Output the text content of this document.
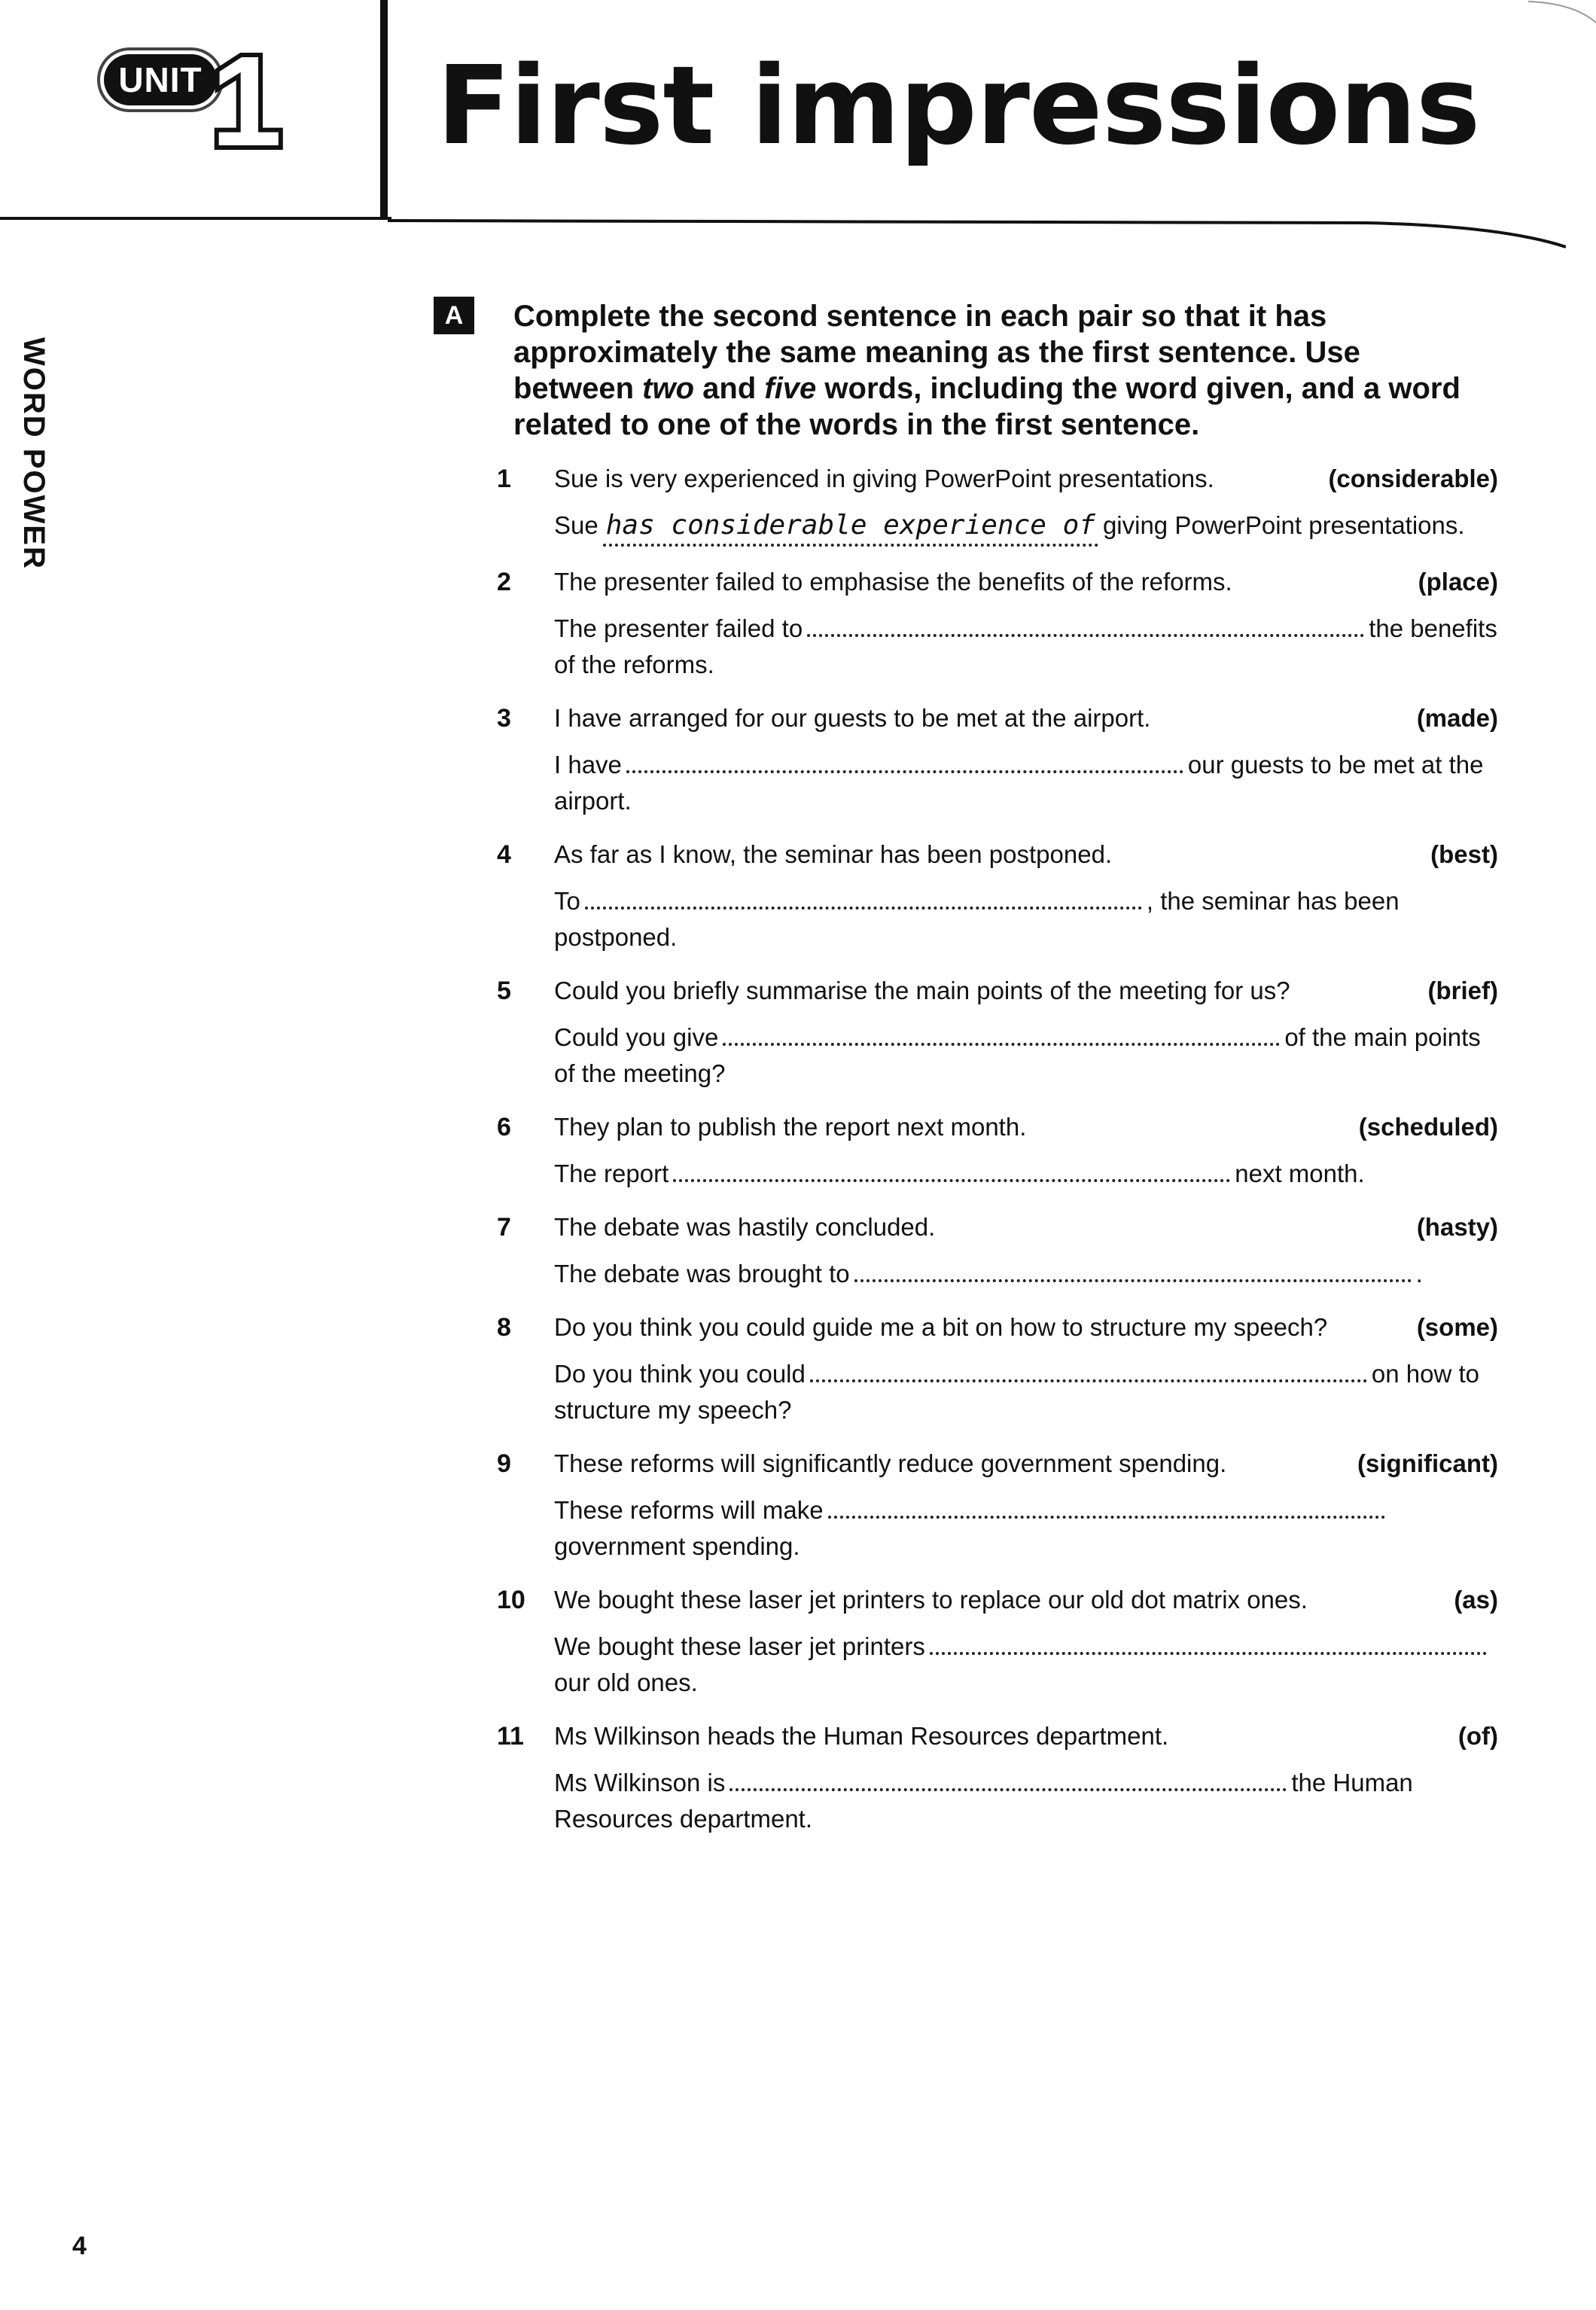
UNIT 1 First impressions
WORD POWER
A	Complete the second sentence in each pair so that it has approximately the same meaning as the first sentence. Use between two and five words, including the word given, and a word related to one of the words in the first sentence.
1	Sue is very experienced in giving PowerPoint presentations.	(considerable)
Sue has considerable experience of giving PowerPoint presentations.
2	The presenter failed to emphasise the benefits of the reforms.	(place)
The presenter failed to	the benefits of the reforms.
3	I have arranged for our guests to be met at the airport.	(made)
I have	our guests to be met at the airport.
4	As far as I know, the seminar has been postponed.	(best)
To	, the seminar has been postponed.
5	Could you briefly summarise the main points of the meeting for us?	(brief)
Could you give	of the main points of the meeting?
6	They plan to publish the report next month.	(scheduled)
The report	next month.
7	The debate was hastily concluded.	(hasty)
The debate was brought to	.
8	Do you think you could guide me a bit on how to structure my speech?	(some)
Do you think you could	on how to structure my speech?
9	These reforms will significantly reduce government spending.	(significant)
These reforms will makegovernment spending.
10	We bought these laser jet printers to replace our old dot matrix ones.	(as)
We bought these laser jet printersour old ones.
11	Ms Wilkinson heads the Human Resources department.	(of)
Ms Wilkinson is	the Human Resources department.
4
